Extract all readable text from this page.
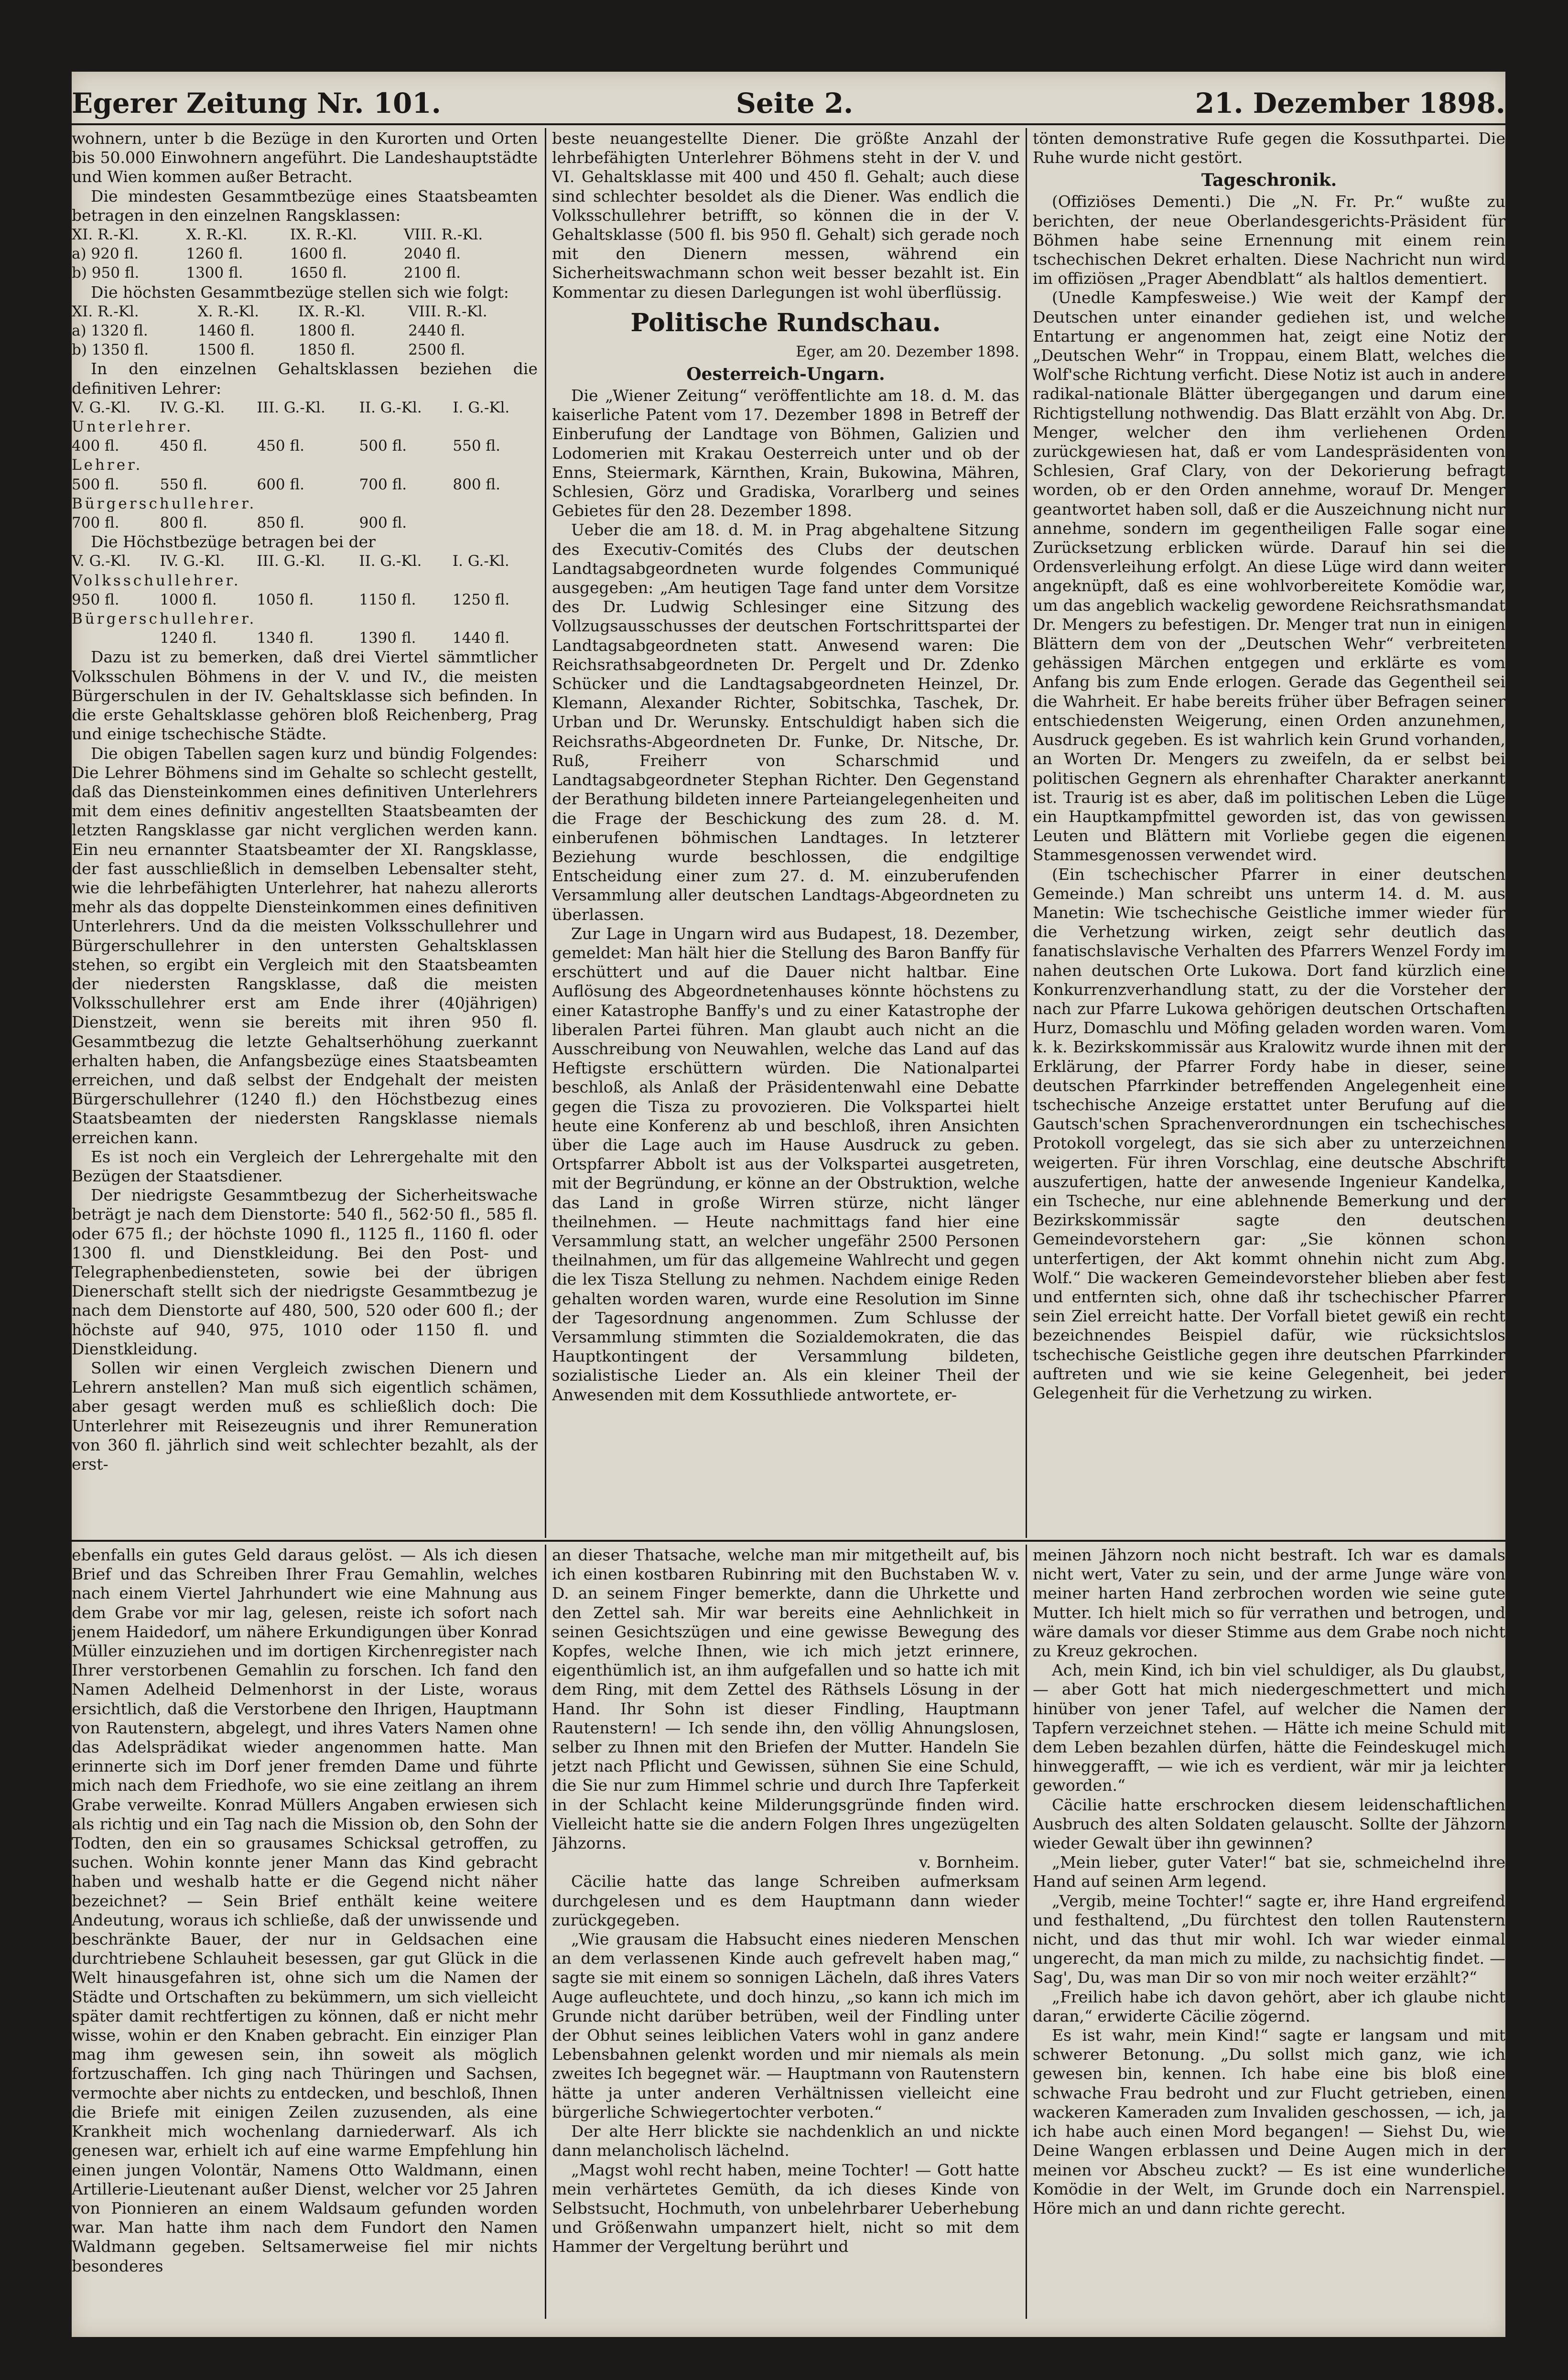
Egerer Zeitung Nr. 101.	Seite 2.	21. Dezember 1898.

wohnern, unter b die Bezüge in den Kurorten und Orten bis 50.000 Einwohnern angeführt. Die Landeshauptstädte und Wien kommen außer Betracht.

Die mindesten Gesammtbezüge eines Staatsbeamten betragen in den einzelnen Rangsklassen:

XI. R.-Kl.	X. R.-Kl.	IX. R.-Kl.	VIII. R.-Kl.
a) 920 fl.	1260 fl.	1600 fl.	2040 fl.
b) 950 fl.	1300 fl.	1650 fl.	2100 fl.

Die höchsten Gesammtbezüge stellen sich wie folgt:

XI. R.-Kl.	X. R.-Kl.	IX. R.-Kl.	VIII. R.-Kl.
a) 1320 fl.	1460 fl.	1800 fl.	2440 fl.
b) 1350 fl.	1500 fl.	1850 fl.	2500 fl.

In den einzelnen Gehaltsklassen beziehen die definitiven Lehrer:

V. G.-Kl.	IV. G.-Kl.	III. G.-Kl.	II. G.-Kl.	I. G.-Kl.
Unterlehrer.				
400 fl.	450 fl.	450 fl.	500 fl.	550 fl.
Lehrer.				
500 fl.	550 fl.	600 fl.	700 fl.	800 fl.
Bürgerschullehrer.				
700 fl.	800 fl.	850 fl.	900 fl.	

Die Höchstbezüge betragen bei der

V. G.-Kl.	IV. G.-Kl.	III. G.-Kl.	II. G.-Kl.	I. G.-Kl.
Volksschullehrer.				
950 fl.	1000 fl.	1050 fl.	1150 fl.	1250 fl.
Bürgerschullehrer.				
	1240 fl.	1340 fl.	1390 fl.	1440 fl.

Dazu ist zu bemerken, daß drei Viertel sämmtlicher Volksschulen Böhmens in der V. und IV., die meisten Bürgerschulen in der IV. Gehaltsklasse sich befinden. In die erste Gehaltsklasse gehören bloß Reichenberg, Prag und einige tschechische Städte.

Die obigen Tabellen sagen kurz und bündig Folgendes: Die Lehrer Böhmens sind im Gehalte so schlecht gestellt, daß das Diensteinkommen eines definitiven Unterlehrers mit dem eines definitiv angestellten Staatsbeamten der letzten Rangsklasse gar nicht verglichen werden kann. Ein neu ernannter Staatsbeamter der XI. Rangsklasse, der fast ausschließlich in demselben Lebensalter steht, wie die lehrbefähigten Unterlehrer, hat nahezu allerorts mehr als das doppelte Diensteinkommen eines definitiven Unterlehrers. Und da die meisten Volksschullehrer und Bürgerschullehrer in den untersten Gehaltsklassen stehen, so ergibt ein Vergleich mit den Staatsbeamten der niedersten Rangsklasse, daß die meisten Volksschullehrer erst am Ende ihrer (40jährigen) Dienstzeit, wenn sie bereits mit ihren 950 fl. Gesammtbezug die letzte Gehaltserhöhung zuerkannt erhalten haben, die Anfangsbezüge eines Staatsbeamten erreichen, und daß selbst der Endgehalt der meisten Bürgerschullehrer (1240 fl.) den Höchstbezug eines Staatsbeamten der niedersten Rangsklasse niemals erreichen kann.

Es ist noch ein Vergleich der Lehrergehalte mit den Bezügen der Staatsdiener.

Der niedrigste Gesammtbezug der Sicherheitswache beträgt je nach dem Dienstorte: 540 fl., 562·50 fl., 585 fl. oder 675 fl.; der höchste 1090 fl., 1125 fl., 1160 fl. oder 1300 fl. und Dienstkleidung. Bei den Post- und Telegraphenbediensteten, sowie bei der übrigen Dienerschaft stellt sich der niedrigste Gesammtbezug je nach dem Dienstorte auf 480, 500, 520 oder 600 fl.; der höchste auf 940, 975, 1010 oder 1150 fl. und Dienstkleidung.

Sollen wir einen Vergleich zwischen Dienern und Lehrern anstellen? Man muß sich eigentlich schämen, aber gesagt werden muß es schließlich doch: Die Unterlehrer mit Reisezeugnis und ihrer Remuneration von 360 fl. jährlich sind weit schlechter bezahlt, als der erst-

beste neuangestellte Diener. Die größte Anzahl der lehrbefähigten Unterlehrer Böhmens steht in der V. und VI. Gehaltsklasse mit 400 und 450 fl. Gehalt; auch diese sind schlechter besoldet als die Diener. Was endlich die Volksschullehrer betrifft, so können die in der V. Gehaltsklasse (500 fl. bis 950 fl. Gehalt) sich gerade noch mit den Dienern messen, während ein Sicherheitswachmann schon weit besser bezahlt ist. Ein Kommentar zu diesen Darlegungen ist wohl überflüssig.

Politische Rundschau.
Eger, am 20. Dezember 1898.
Oesterreich-Ungarn.

Die „Wiener Zeitung“ veröffentlichte am 18. d. M. das kaiserliche Patent vom 17. Dezember 1898 in Betreff der Einberufung der Landtage von Böhmen, Galizien und Lodomerien mit Krakau Oesterreich unter und ob der Enns, Steiermark, Kärnthen, Krain, Bukowina, Mähren, Schlesien, Görz und Gradiska, Vorarlberg und seines Gebietes für den 28. Dezember 1898.

Ueber die am 18. d. M. in Prag abgehaltene Sitzung des Executiv-Comités des Clubs der deutschen Landtagsabgeordneten wurde folgendes Communiqué ausgegeben: „Am heutigen Tage fand unter dem Vorsitze des Dr. Ludwig Schlesinger eine Sitzung des Vollzugsausschusses der deutschen Fortschrittspartei der Landtagsabgeordneten statt. Anwesend waren: Die Reichsrathsabgeordneten Dr. Pergelt und Dr. Zdenko Schücker und die Landtagsabgeordneten Heinzel, Dr. Klemann, Alexander Richter, Sobitschka, Taschek, Dr. Urban und Dr. Werunsky. Entschuldigt haben sich die Reichsraths-Abgeordneten Dr. Funke, Dr. Nitsche, Dr. Ruß, Freiherr von Scharschmid und Landtagsabgeordneter Stephan Richter. Den Gegenstand der Berathung bildeten innere Parteiangelegenheiten und die Frage der Beschickung des zum 28. d. M. einberufenen böhmischen Landtages. In letzterer Beziehung wurde beschlossen, die endgiltige Entscheidung einer zum 27. d. M. einzuberufenden Versammlung aller deutschen Landtags-Abgeordneten zu überlassen.

Zur Lage in Ungarn wird aus Budapest, 18. Dezember, gemeldet: Man hält hier die Stellung des Baron Banffy für erschüttert und auf die Dauer nicht haltbar. Eine Auflösung des Abgeordnetenhauses könnte höchstens zu einer Katastrophe Banffy's und zu einer Katastrophe der liberalen Partei führen. Man glaubt auch nicht an die Ausschreibung von Neuwahlen, welche das Land auf das Heftigste erschüttern würden. Die Nationalpartei beschloß, als Anlaß der Präsidentenwahl eine Debatte gegen die Tisza zu provozieren. Die Volkspartei hielt heute eine Konferenz ab und beschloß, ihren Ansichten über die Lage auch im Hause Ausdruck zu geben. Ortspfarrer Abbolt ist aus der Volkspartei ausgetreten, mit der Begründung, er könne an der Obstruktion, welche das Land in große Wirren stürze, nicht länger theilnehmen. — Heute nachmittags fand hier eine Versammlung statt, an welcher ungefähr 2500 Personen theilnahmen, um für das allgemeine Wahlrecht und gegen die lex Tisza Stellung zu nehmen. Nachdem einige Reden gehalten worden waren, wurde eine Resolution im Sinne der Tagesordnung angenommen. Zum Schlusse der Versammlung stimmten die Sozialdemokraten, die das Hauptkontingent der Versammlung bildeten, sozialistische Lieder an. Als ein kleiner Theil der Anwesenden mit dem Kossuthliede antwortete, er-

tönten demonstrative Rufe gegen die Kossuthpartei. Die Ruhe wurde nicht gestört.

Tageschronik.

(Offiziöses Dementi.) Die „N. Fr. Pr.“ wußte zu berichten, der neue Oberlandesgerichts-Präsident für Böhmen habe seine Ernennung mit einem rein tschechischen Dekret erhalten. Diese Nachricht nun wird im offiziösen „Prager Abendblatt“ als haltlos dementiert.

(Unedle Kampfesweise.) Wie weit der Kampf der Deutschen unter einander gediehen ist, und welche Entartung er angenommen hat, zeigt eine Notiz der „Deutschen Wehr“ in Troppau, einem Blatt, welches die Wolf'sche Richtung verficht. Diese Notiz ist auch in andere radikal-nationale Blätter übergegangen und darum eine Richtigstellung nothwendig. Das Blatt erzählt von Abg. Dr. Menger, welcher den ihm verliehenen Orden zurückgewiesen hat, daß er vom Landespräsidenten von Schlesien, Graf Clary, von der Dekorierung befragt worden, ob er den Orden annehme, worauf Dr. Menger geantwortet haben soll, daß er die Auszeichnung nicht nur annehme, sondern im gegentheiligen Falle sogar eine Zurücksetzung erblicken würde. Darauf hin sei die Ordensverleihung erfolgt. An diese Lüge wird dann weiter angeknüpft, daß es eine wohlvorbereitete Komödie war, um das angeblich wackelig gewordene Reichsrathsmandat Dr. Mengers zu befestigen. Dr. Menger trat nun in einigen Blättern dem von der „Deutschen Wehr“ verbreiteten gehässigen Märchen entgegen und erklärte es vom Anfang bis zum Ende erlogen. Gerade das Gegentheil sei die Wahrheit. Er habe bereits früher über Befragen seiner entschiedensten Weigerung, einen Orden anzunehmen, Ausdruck gegeben. Es ist wahrlich kein Grund vorhanden, an Worten Dr. Mengers zu zweifeln, da er selbst bei politischen Gegnern als ehrenhafter Charakter anerkannt ist. Traurig ist es aber, daß im politischen Leben die Lüge ein Hauptkampfmittel geworden ist, das von gewissen Leuten und Blättern mit Vorliebe gegen die eigenen Stammesgenossen verwendet wird.

(Ein tschechischer Pfarrer in einer deutschen Gemeinde.) Man schreibt uns unterm 14. d. M. aus Manetin: Wie tschechische Geistliche immer wieder für die Verhetzung wirken, zeigt sehr deutlich das fanatischslavische Verhalten des Pfarrers Wenzel Fordy im nahen deutschen Orte Lukowa. Dort fand kürzlich eine Konkurrenzverhandlung statt, zu der die Vorsteher der nach zur Pfarre Lukowa gehörigen deutschen Ortschaften Hurz, Domaschlu und Möfing geladen worden waren. Vom k. k. Bezirkskommissär aus Kralowitz wurde ihnen mit der Erklärung, der Pfarrer Fordy habe in dieser, seine deutschen Pfarrkinder betreffenden Angelegenheit eine tschechische Anzeige erstattet unter Berufung auf die Gautsch'schen Sprachenverordnungen ein tschechisches Protokoll vorgelegt, das sie sich aber zu unterzeichnen weigerten. Für ihren Vorschlag, eine deutsche Abschrift auszufertigen, hatte der anwesende Ingenieur Kandelka, ein Tscheche, nur eine ablehnende Bemerkung und der Bezirkskommissär sagte den deutschen Gemeindevorstehern gar: „Sie können schon unterfertigen, der Akt kommt ohnehin nicht zum Abg. Wolf.“ Die wackeren Gemeindevorsteher blieben aber fest und entfernten sich, ohne daß ihr tschechischer Pfarrer sein Ziel erreicht hatte. Der Vorfall bietet gewiß ein recht bezeichnendes Beispiel dafür, wie rücksichtslos tschechische Geistliche gegen ihre deutschen Pfarrkinder auftreten und wie sie keine Gelegenheit, bei jeder Gelegenheit für die Verhetzung zu wirken.

ebenfalls ein gutes Geld daraus gelöst. — Als ich diesen Brief und das Schreiben Ihrer Frau Gemahlin, welches nach einem Viertel Jahrhundert wie eine Mahnung aus dem Grabe vor mir lag, gelesen, reiste ich sofort nach jenem Haidedorf, um nähere Erkundigungen über Konrad Müller einzuziehen und im dortigen Kirchenregister nach Ihrer verstorbenen Gemahlin zu forschen. Ich fand den Namen Adelheid Delmenhorst in der Liste, woraus ersichtlich, daß die Verstorbene den Ihrigen, Hauptmann von Rautenstern, abgelegt, und ihres Vaters Namen ohne das Adelsprädikat wieder angenommen hatte. Man erinnerte sich im Dorf jener fremden Dame und führte mich nach dem Friedhofe, wo sie eine zeitlang an ihrem Grabe verweilte. Konrad Müllers Angaben erwiesen sich als richtig und ein Tag nach die Mission ob, den Sohn der Todten, den ein so grausames Schicksal getroffen, zu suchen. Wohin konnte jener Mann das Kind gebracht haben und weshalb hatte er die Gegend nicht näher bezeichnet? — Sein Brief enthält keine weitere Andeutung, woraus ich schließe, daß der unwissende und beschränkte Bauer, der nur in Geldsachen eine durchtriebene Schlauheit besessen, gar gut Glück in die Welt hinausgefahren ist, ohne sich um die Namen der Städte und Ortschaften zu bekümmern, um sich vielleicht später damit rechtfertigen zu können, daß er nicht mehr wisse, wohin er den Knaben gebracht. Ein einziger Plan mag ihm gewesen sein, ihn soweit als möglich fortzuschaffen. Ich ging nach Thüringen und Sachsen, vermochte aber nichts zu entdecken, und beschloß, Ihnen die Briefe mit einigen Zeilen zuzusenden, als eine Krankheit mich wochenlang darniederwarf. Als ich genesen war, erhielt ich auf eine warme Empfehlung hin einen jungen Volontär, Namens Otto Waldmann, einen Artillerie-Lieutenant außer Dienst, welcher vor 25 Jahren von Pionnieren an einem Waldsaum gefunden worden war. Man hatte ihm nach dem Fundort den Namen Waldmann gegeben. Seltsamerweise fiel mir nichts besonderes

an dieser Thatsache, welche man mir mitgetheilt auf, bis ich einen kostbaren Rubinring mit den Buchstaben W. v. D. an seinem Finger bemerkte, dann die Uhrkette und den Zettel sah. Mir war bereits eine Aehnlichkeit in seinen Gesichtszügen und eine gewisse Bewegung des Kopfes, welche Ihnen, wie ich mich jetzt erinnere, eigenthümlich ist, an ihm aufgefallen und so hatte ich mit dem Ring, mit dem Zettel des Räthsels Lösung in der Hand. Ihr Sohn ist dieser Findling, Hauptmann Rautenstern! — Ich sende ihn, den völlig Ahnungslosen, selber zu Ihnen mit den Briefen der Mutter. Handeln Sie jetzt nach Pflicht und Gewissen, sühnen Sie eine Schuld, die Sie nur zum Himmel schrie und durch Ihre Tapferkeit in der Schlacht keine Milderungsgründe finden wird. Vielleicht hatte sie die andern Folgen Ihres ungezügelten Jähzorns.

v. Bornheim.

Cäcilie hatte das lange Schreiben aufmerksam durchgelesen und es dem Hauptmann dann wieder zurückgegeben.

„Wie grausam die Habsucht eines niederen Menschen an dem verlassenen Kinde auch gefrevelt haben mag,“ sagte sie mit einem so sonnigen Lächeln, daß ihres Vaters Auge aufleuchtete, und doch hinzu, „so kann ich mich im Grunde nicht darüber betrüben, weil der Findling unter der Obhut seines leiblichen Vaters wohl in ganz andere Lebensbahnen gelenkt worden und mir niemals als mein zweites Ich begegnet wär. — Hauptmann von Rautenstern hätte ja unter anderen Verhältnissen vielleicht eine bürgerliche Schwiegertochter verboten.“

Der alte Herr blickte sie nachdenklich an und nickte dann melancholisch lächelnd.

„Magst wohl recht haben, meine Tochter! — Gott hatte mein verhärtetes Gemüth, da ich dieses Kinde von Selbstsucht, Hochmuth, von unbelehrbarer Ueberhebung und Größenwahn umpanzert hielt, nicht so mit dem Hammer der Vergeltung berührt und

meinen Jähzorn noch nicht bestraft. Ich war es damals nicht wert, Vater zu sein, und der arme Junge wäre von meiner harten Hand zerbrochen worden wie seine gute Mutter. Ich hielt mich so für verrathen und betrogen, und wäre damals vor dieser Stimme aus dem Grabe noch nicht zu Kreuz gekrochen.

Ach, mein Kind, ich bin viel schuldiger, als Du glaubst, — aber Gott hat mich niedergeschmettert und mich hinüber von jener Tafel, auf welcher die Namen der Tapfern verzeichnet stehen. — Hätte ich meine Schuld mit dem Leben bezahlen dürfen, hätte die Feindeskugel mich hinweggerafft, — wie ich es verdient, wär mir ja leichter geworden.“

Cäcilie hatte erschrocken diesem leidenschaftlichen Ausbruch des alten Soldaten gelauscht. Sollte der Jähzorn wieder Gewalt über ihn gewinnen?

„Mein lieber, guter Vater!“ bat sie, schmeichelnd ihre Hand auf seinen Arm legend.

„Vergib, meine Tochter!“ sagte er, ihre Hand ergreifend und festhaltend, „Du fürchtest den tollen Rautenstern nicht, und das thut mir wohl. Ich war wieder einmal ungerecht, da man mich zu milde, zu nachsichtig findet. — Sag', Du, was man Dir so von mir noch weiter erzählt?“

„Freilich habe ich davon gehört, aber ich glaube nicht daran,“ erwiderte Cäcilie zögernd.

Es ist wahr, mein Kind!“ sagte er langsam und mit schwerer Betonung. „Du sollst mich ganz, wie ich gewesen bin, kennen. Ich habe eine bis bloß eine schwache Frau bedroht und zur Flucht getrieben, einen wackeren Kameraden zum Invaliden geschossen, — ich, ja ich habe auch einen Mord begangen! — Siehst Du, wie Deine Wangen erblassen und Deine Augen mich in der meinen vor Abscheu zuckt? — Es ist eine wunderliche Komödie in der Welt, im Grunde doch ein Narrenspiel. Höre mich an und dann richte gerecht.
